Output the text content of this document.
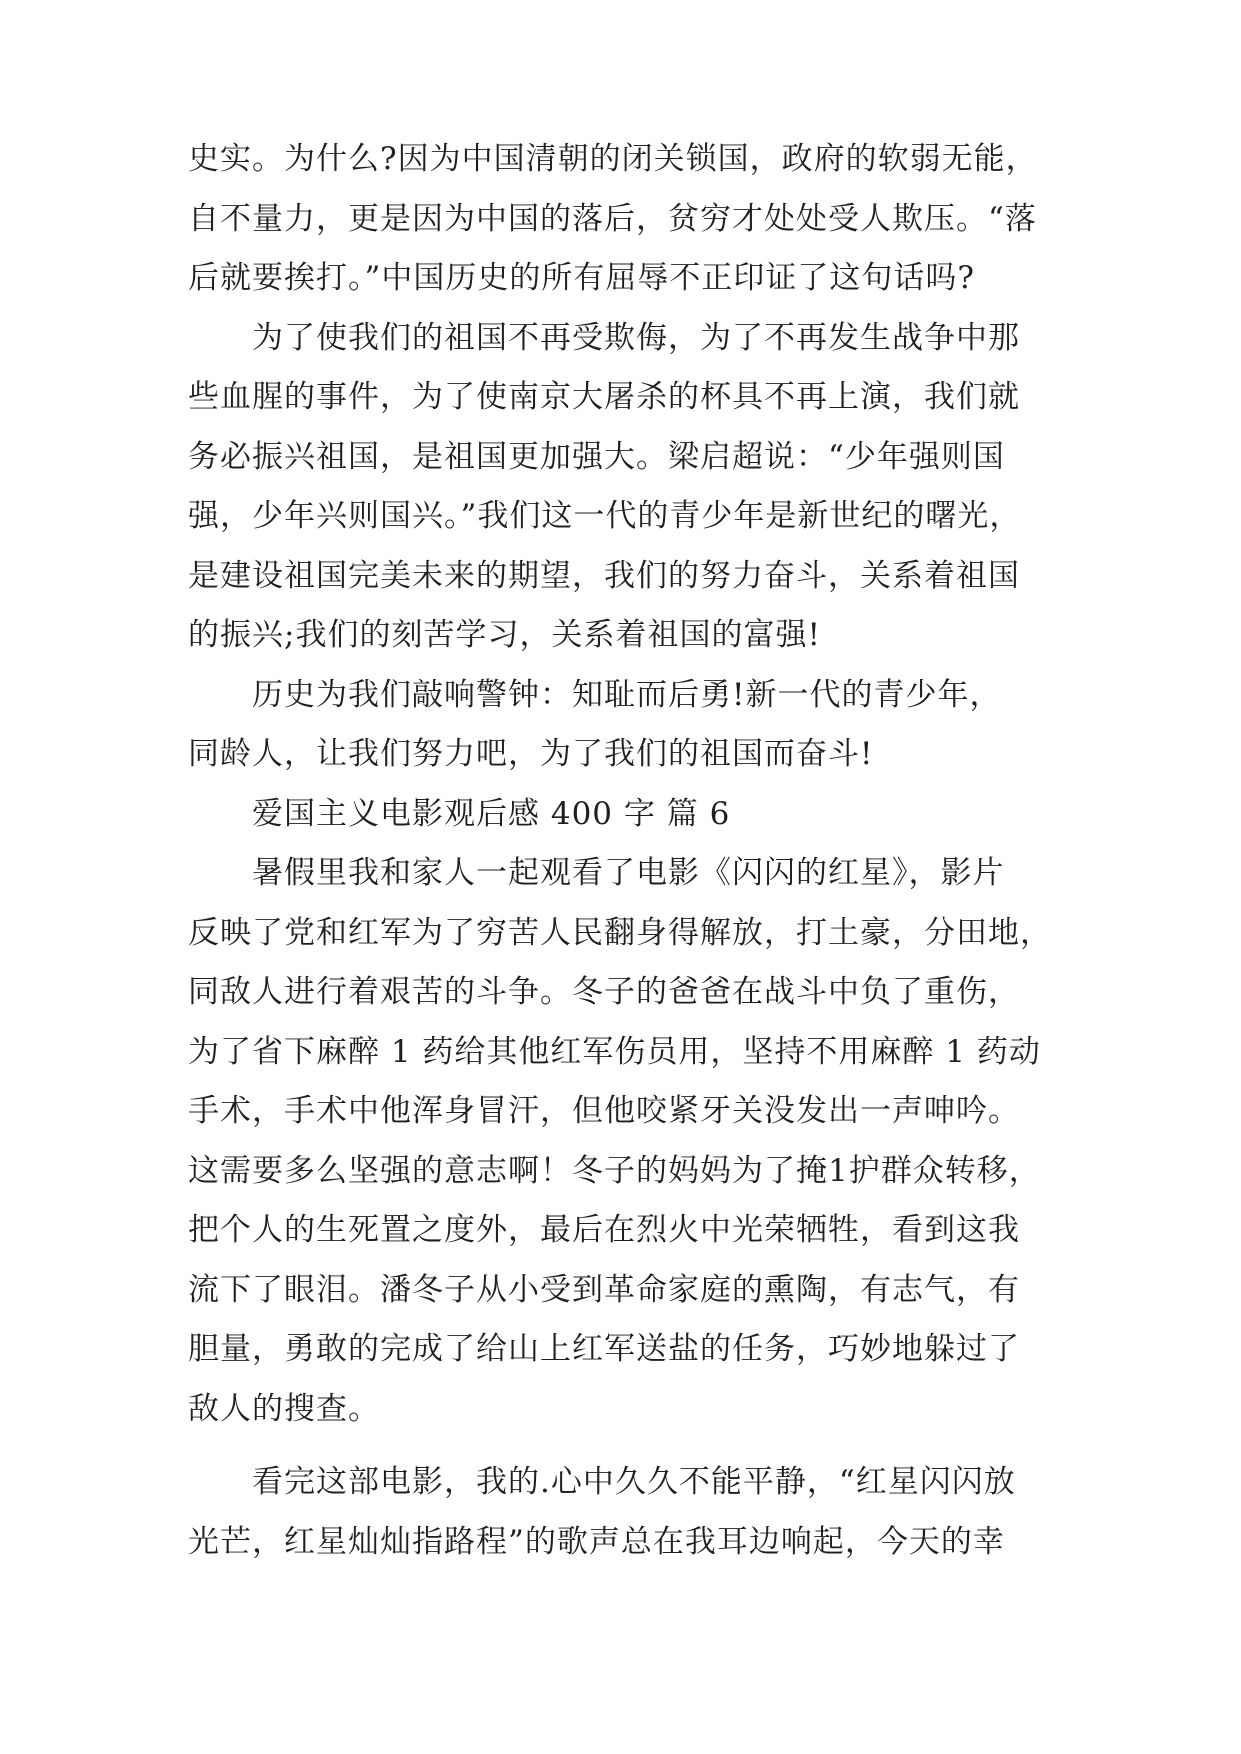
史实。为什么?因为中国清朝的闭关锁国，政府的软弱无能，
自不量力，更是因为中国的落后，贫穷才处处受人欺压。“落
后就要挨打。”中国历史的所有屈辱不正印证了这句话吗?
为了使我们的祖国不再受欺侮，为了不再发生战争中那
些血腥的事件，为了使南京大屠杀的杯具不再上演，我们就
务必振兴祖国，是祖国更加强大。梁启超说：“少年强则国
强，少年兴则国兴。”我们这一代的青少年是新世纪的曙光，
是建设祖国完美未来的期望，我们的努力奋斗，关系着祖国
的振兴;我们的刻苦学习，关系着祖国的富强!
历史为我们敲响警钟：知耻而后勇!新一代的青少年，
同龄人，让我们努力吧，为了我们的祖国而奋斗!
爱国主义电影观后感 400 字 篇 6
暑假里我和家人一起观看了电影《闪闪的红星》，影片
反映了党和红军为了穷苦人民翻身得解放，打土豪，分田地，
同敌人进行着艰苦的斗争。冬子的爸爸在战斗中负了重伤，
为了省下麻醉 1 药给其他红军伤员用，坚持不用麻醉 1 药动
手术，手术中他浑身冒汗，但他咬紧牙关没发出一声呻吟。
这需要多么坚强的意志啊！冬子的妈妈为了掩1护群众转移，
把个人的生死置之度外，最后在烈火中光荣牺牲，看到这我
流下了眼泪。潘冬子从小受到革命家庭的熏陶，有志气，有
胆量，勇敢的完成了给山上红军送盐的任务，巧妙地躲过了
敌人的搜查。
看完这部电影，我的.心中久久不能平静，“红星闪闪放
光芒，红星灿灿指路程”的歌声总在我耳边响起，今天的幸
